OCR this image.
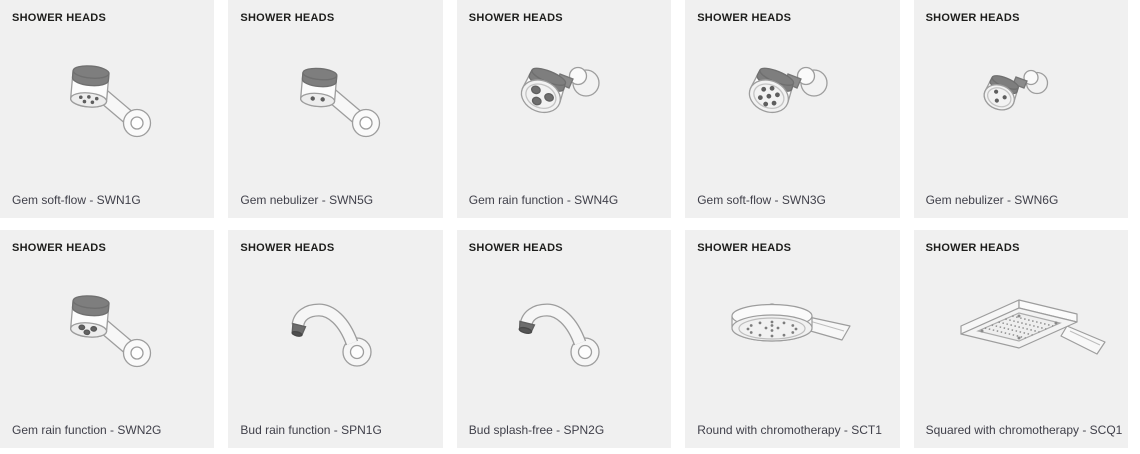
SHOWER HEADS
Gem soft-flow - SWN1G
SHOWER HEADS
Gem nebulizer - SWN5G
SHOWER HEADS
Gem rain function - SWN4G
SHOWER HEADS
Gem soft-flow - SWN3G
SHOWER HEADS
Gem nebulizer - SWN6G
SHOWER HEADS
Gem rain function - SWN2G
SHOWER HEADS
Bud rain function - SPN1G
SHOWER HEADS
Bud splash-free - SPN2G
SHOWER HEADS
Round with chromotherapy - SCT1
SHOWER HEADS
Squared with chromotherapy - SCQ1
